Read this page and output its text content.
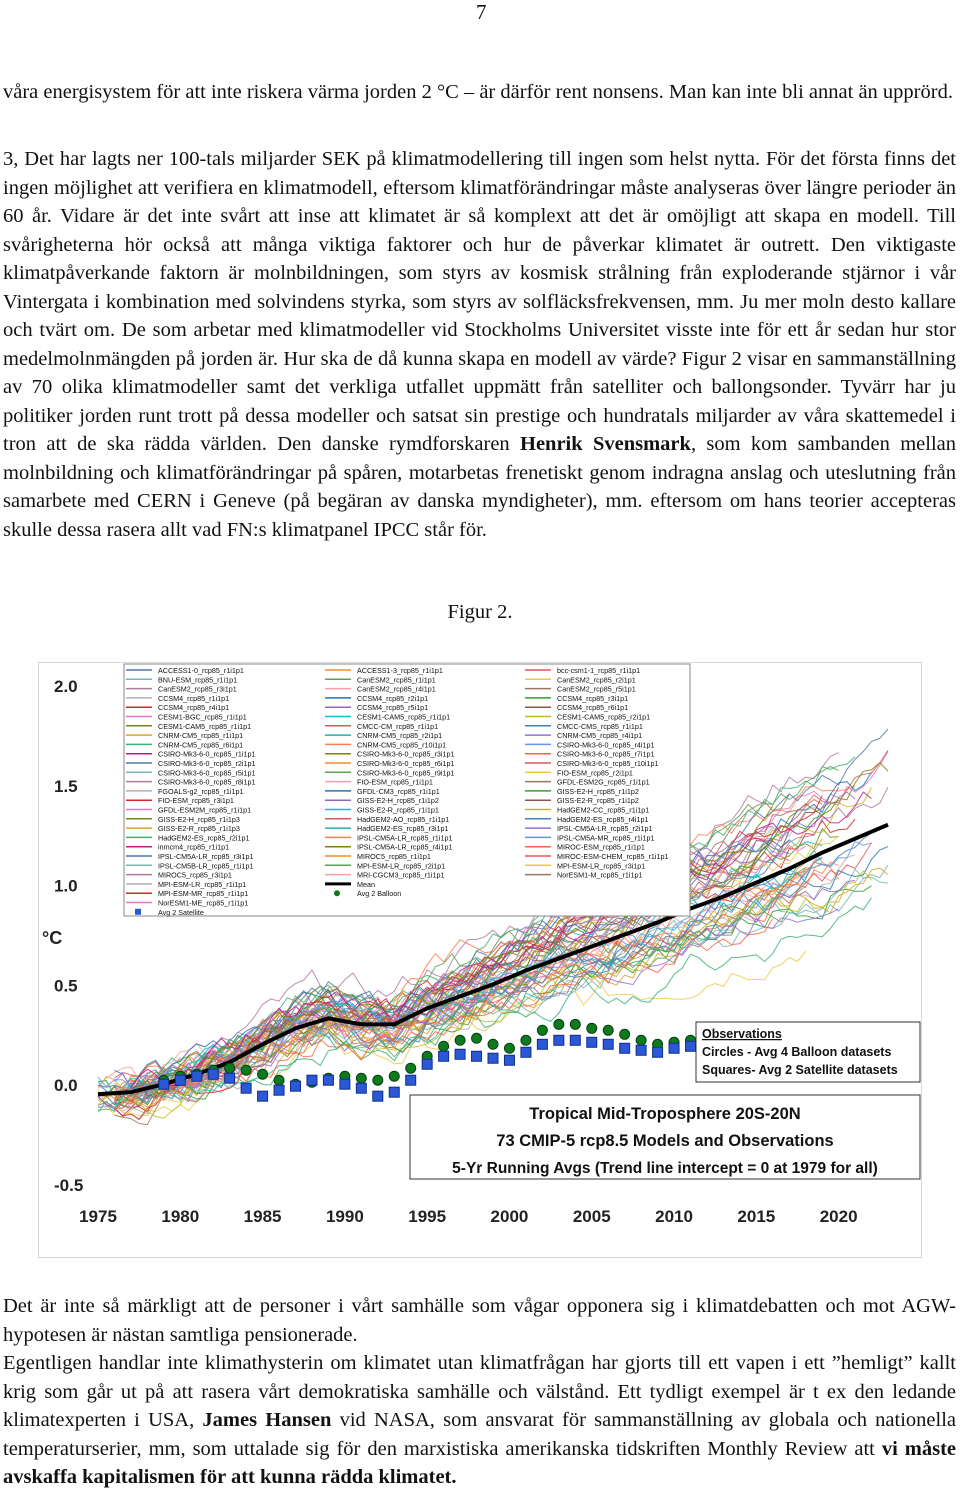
7

våra energisystem för att inte riskera värma jorden 2 °C – är därför rent nonsens. Man kan inte bli annat än upprörd.

3, Det har lagts ner 100-tals miljarder SEK på klimatmodellering till ingen som helst nytta. För det första finns det ingen möjlighet att verifiera en klimatmodell, eftersom klimatförändringar måste analyseras över längre perioder än 60 år. Vidare är det inte svårt att inse att klimatet är så komplext att det är omöjligt att skapa en modell. Till svårigheterna hör också att många viktiga faktorer och hur de påverkar klimatet är outrett. Den viktigaste klimatpåverkande faktorn är molnbildningen, som styrs av kosmisk strålning från exploderande stjärnor i vår Vintergata i kombination med solvindens styrka, som styrs av solfläcksfrekvensen, mm. Ju mer moln desto kallare och tvärt om. De som arbetar med klimatmodeller vid Stockholms Universitet visste inte för ett år sedan hur stor medelmolnmängden på jorden är. Hur ska de då kunna skapa en modell av värde? Figur 2 visar en sammanställning av 70 olika klimatmodeller samt det verkliga utfallet uppmätt från satelliter och ballongsonder. Tyvärr har ju politiker jorden runt trott på dessa modeller och satsat sin prestige och hundratals miljarder av våra skattemedel i tron att de ska rädda världen. Den danske rymdforskaren Henrik Svensmark, som kom sambanden mellan molnbildning och klimatförändringar på spåren, motarbetas frenetiskt genom indragna anslag och uteslutning från samarbete med CERN i Geneve (på begäran av danska myndigheter), mm. eftersom om hans teorier accepteras skulle dessa rasera allt vad FN:s klimatpanel IPCC står för.

Figur 2.
2.0
1.5
1.0
0.5
0.0
-0.5
°C
1975	1980	1985	1990	1995	2000	2005	2010	2015	2020
ACCESS1-0_rcp85_r1i1p1
BNU-ESM_rcp85_r1i1p1
CanESM2_rcp85_r3i1p1
CCSM4_rcp85_r1i1p1
CCSM4_rcp85_r4i1p1
CESM1-BGC_rcp85_r1i1p1
CESM1-CAM5_rcp85_r1i1p1
CNRM-CM5_rcp85_r1i1p1
CNRM-CM5_rcp85_r6i1p1
CSIRO-Mk3-6-0_rcp85_r1i1p1
CSIRO-Mk3-6-0_rcp85_r2i1p1
CSIRO-Mk3-6-0_rcp85_r5i1p1
CSIRO-Mk3-6-0_rcp85_r8i1p1
FGOALS-g2_rcp85_r1i1p1
FIO-ESM_rcp85_r3i1p1
GFDL-ESM2M_rcp85_r1i1p1
GISS-E2-H_rcp85_r1i1p3
GISS-E2-R_rcp85_r1i1p3
HadGEM2-ES_rcp85_r2i1p1
inmcm4_rcp85_r1i1p1
IPSL-CM5A-LR_rcp85_r3i1p1
IPSL-CM5B-LR_rcp85_r1i1p1
MIROC5_rcp85_r3i1p1
MPI-ESM-LR_rcp85_r1i1p1
MPI-ESM-MR_rcp85_r1i1p1
NorESM1-ME_rcp85_r1i1p1
Avg 2 Satellite
ACCESS1-3_rcp85_r1i1p1
CanESM2_rcp85_r1i1p1
CanESM2_rcp85_r4i1p1
CCSM4_rcp85_r2i1p1
CCSM4_rcp85_r5i1p1
CESM1-CAM5_rcp85_r1i1p1
CMCC-CM_rcp85_r1i1p1
CNRM-CM5_rcp85_r2i1p1
CNRM-CM5_rcp85_r10i1p1
CSIRO-Mk3-6-0_rcp85_r3i1p1
CSIRO-Mk3-6-0_rcp85_r6i1p1
CSIRO-Mk3-6-0_rcp85_r9i1p1
FIO-ESM_rcp85_r1i1p1
GFDL-CM3_rcp85_r1i1p1
GISS-E2-H_rcp85_r1i1p2
GISS-E2-R_rcp85_r1i1p1
HadGEM2-AO_rcp85_r1i1p1
HadGEM2-ES_rcp85_r3i1p1
IPSL-CM5A-LR_rcp85_r1i1p1
IPSL-CM5A-LR_rcp85_r4i1p1
MIROC5_rcp85_r1i1p1
MPI-ESM-LR_rcp85_r2i1p1
MRI-CGCM3_rcp85_r1i1p1
Mean
Avg 2 Balloon
bcc-csm1-1_rcp85_r1i1p1
CanESM2_rcp85_r2i1p1
CanESM2_rcp85_r5i1p1
CCSM4_rcp85_r3i1p1
CCSM4_rcp85_r6i1p1
CESM1-CAM5_rcp85_r2i1p1
CMCC-CMS_rcp85_r1i1p1
CNRM-CM5_rcp85_r4i1p1
CSIRO-Mk3-6-0_rcp85_r4i1p1
CSIRO-Mk3-6-0_rcp85_r7i1p1
CSIRO-Mk3-6-0_rcp85_r10i1p1
FIO-ESM_rcp85_r2i1p1
GFDL-ESM2G_rcp85_r1i1p1
GISS-E2-H_rcp85_r1i1p2
GISS-E2-R_rcp85_r1i1p2
HadGEM2-CC_rcp85_r1i1p1
HadGEM2-ES_rcp85_r4i1p1
IPSL-CM5A-LR_rcp85_r2i1p1
IPSL-CM5A-MR_rcp85_r1i1p1
MIROC-ESM_rcp85_r1i1p1
MIROC-ESM-CHEM_rcp85_r1i1p1
MPI-ESM-LR_rcp85_r3i1p1
NorESM1-M_rcp85_r1i1p1
Observations
Circles - Avg 4 Balloon datasets
Squares- Avg 2 Satellite datasets
Tropical Mid-Troposphere 20S-20N
73 CMIP-5 rcp8.5 Models and Observations
5-Yr Running Avgs (Trend line intercept = 0 at 1979 for all)

Det är inte så märkligt att de personer i vårt samhälle som vågar opponera sig i klimatdebatten och mot AGW-hypotesen är nästan samtliga pensionerade.

Egentligen handlar inte klimathysterin om klimatet utan klimatfrågan har gjorts till ett vapen i ett ”hemligt” kallt krig som går ut på att rasera vårt demokratiska samhälle och välstånd. Ett tydligt exempel är t ex den ledande klimatexperten i USA, James Hansen vid NASA, som ansvarat för sammanställning av globala och nationella temperaturserier, mm, som uttalade sig för den marxistiska amerikanska tidskriften Monthly Review att vi måste avskaffa kapitalismen för att kunna rädda klimatet.
